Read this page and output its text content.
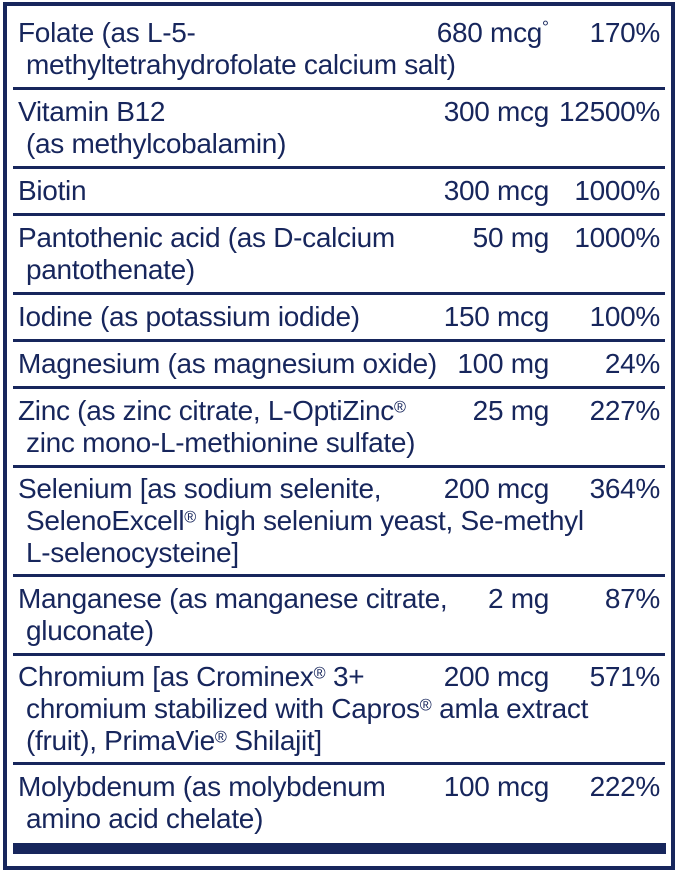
Folate (as L-5-
methyltetrahydrofolate calcium salt)
680 mcg° 170%
Vitamin B12
(as methylcobalamin)
300 mcg 12500%
Biotin	300 mcg 1000%
Pantothenic acid (as D-calcium
pantothenate)
50 mg 1000%
Iodine (as potassium iodide)	150 mcg 100%
Magnesium (as magnesium oxide) 100 mg 24%
Zinc (as zinc citrate, L-OptiZinc®
zinc mono-L-methionine sulfate)
25 mg 227%
Selenium [as sodium selenite,
SelenoExcell® high selenium yeast, Se-methyl
L-selenocysteine]
200 mcg 364%
Manganese (as manganese citrate,
gluconate)
2 mg 87%
Chromium [as Crominex® 3+
chromium stabilized with Capros® amla extract
(fruit), PrimaVie® Shilajit]
200 mcg 571%
Molybdenum (as molybdenum
amino acid chelate)
100 mcg 222%
